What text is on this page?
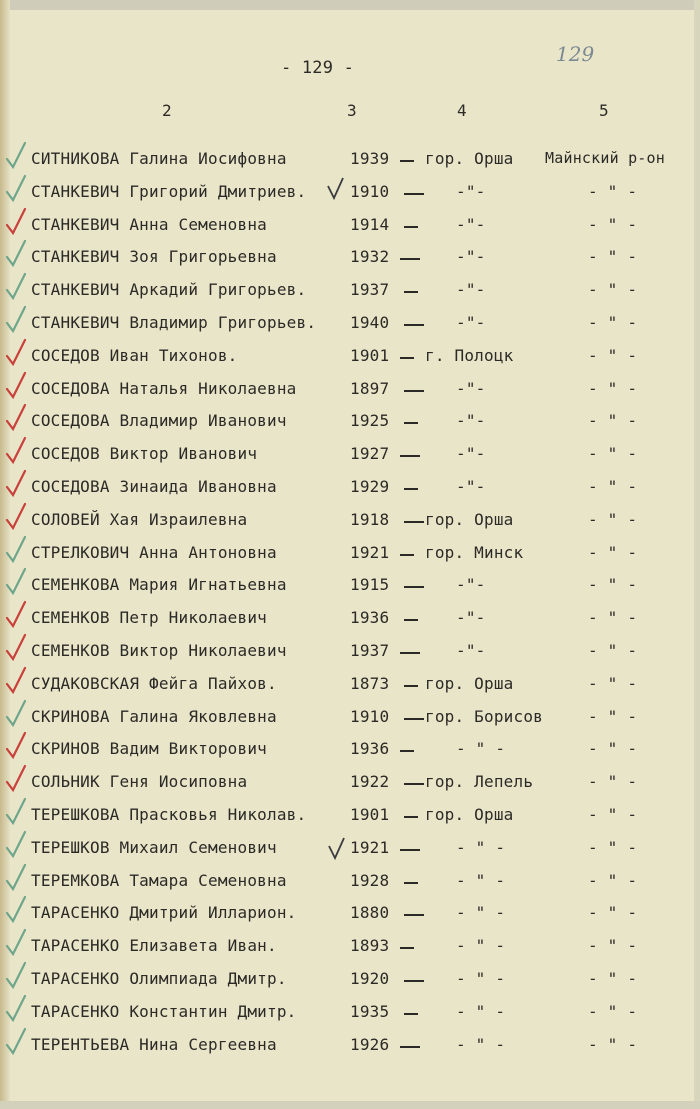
- 129 -
129
2	3	4	5
СИТНИКОВА Галина Иосифовна	1939 гор. Орша Майнский р-он
СТАНКЕВИЧ Григорий Дмитриев.	1910	-"-	- " -
СТАНКЕВИЧ Анна Семеновна	1914	-"-	- " -
СТАНКЕВИЧ Зоя Григорьевна	1932	-"-	- " -
СТАНКЕВИЧ Аркадий Григорьев.	1937	-"-	- " -
СТАНКЕВИЧ Владимир Григорьев. 1940	-"-	- " -
СОСЕДОВ Иван Тихонов.	1901 г. Полоцк	- " -
СОСЕДОВА Наталья Николаевна	1897	-"-	- " -
СОСЕДОВА Владимир Иванович	1925	-"-	- " -
СОСЕДОВ Виктор Иванович	1927	-"-	- " -
СОСЕДОВА Зинаида Ивановна	1929	-"-	- " -
СОЛОВЕЙ Хая Израилевна	1918 гор. Орша	- " -
СТРЕЛКОВИЧ Анна Антоновна	1921 гор. Минск	- " -
СЕМЕНКОВА Мария Игнатьевна	1915	-"-	- " -
СЕМЕНКОВ Петр Николаевич	1936	-"-	- " -
СЕМЕНКОВ Виктор Николаевич	1937	-"-	- " -
СУДАКОВСКАЯ Фейга Пайхов.	1873 гор. Орша	- " -
СКРИНОВА Галина Яковлевна	1910 гор. Борисов	- " -
СКРИНОВ Вадим Викторович	1936	- " -	- " -
СОЛЬНИК Геня Иосиповна	1922 гор. Лепель	- " -
ТЕРЕШКОВА Прасковья Николав.	1901 гор. Орша	- " -
ТЕРЕШКОВ Михаил Семенович	1921	- " -	- " -
ТЕРЕМКОВА Тамара Семеновна	1928	- " -	- " -
ТАРАСЕНКО Дмитрий Илларион.	1880	- " -	- " -
ТАРАСЕНКО Елизавета Иван.	1893	- " -	- " -
ТАРАСЕНКО Олимпиада Дмитр.	1920	- " -	- " -
ТАРАСЕНКО Константин Дмитр.	1935	- " -	- " -
ТЕРЕНТЬЕВА Нина Сергеевна	1926	- " -	- " -
